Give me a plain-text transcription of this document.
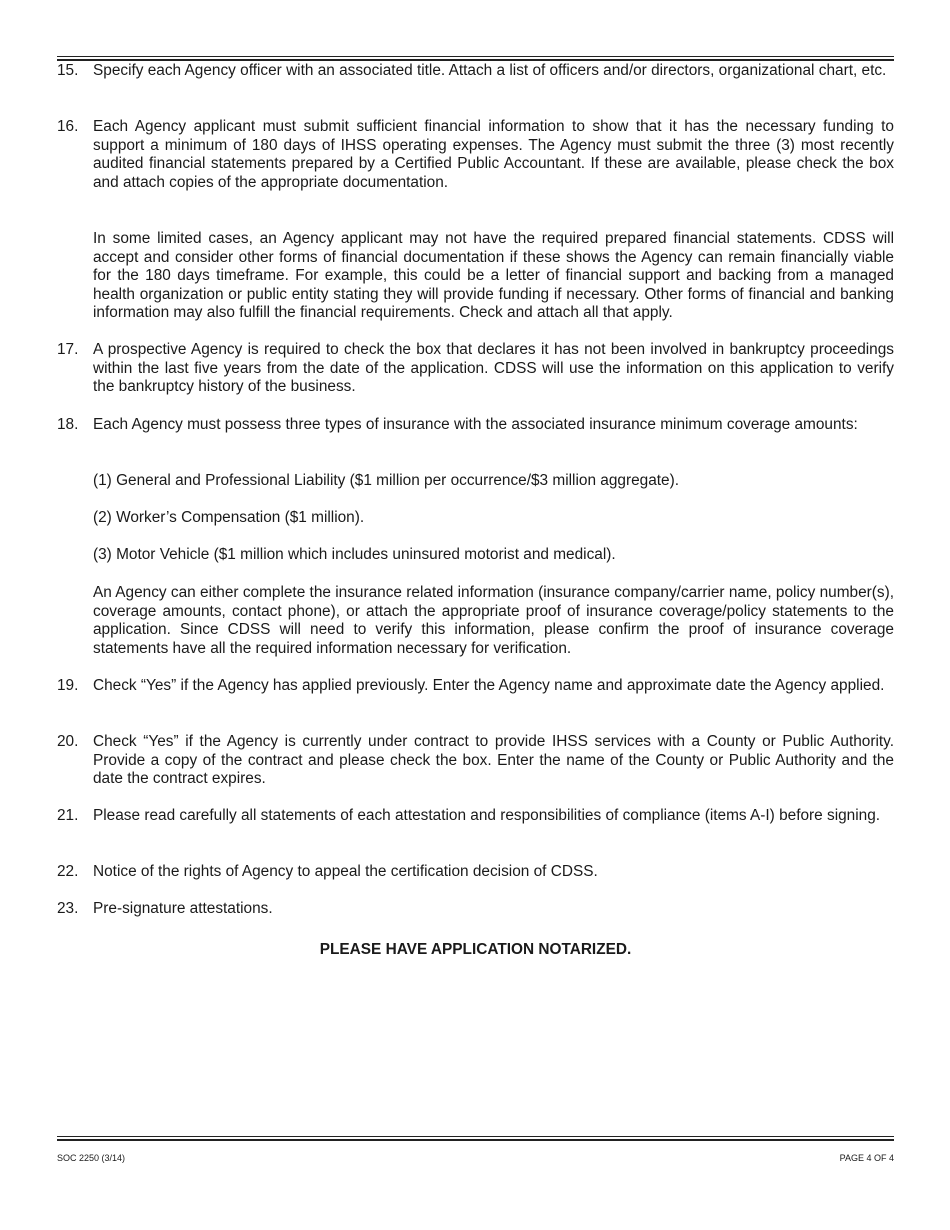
15. Specify each Agency officer with an associated title. Attach a list of officers and/or directors, organizational chart, etc.
16. Each Agency applicant must submit sufficient financial information to show that it has the necessary funding to support a minimum of 180 days of IHSS operating expenses. The Agency must submit the three (3) most recently audited financial statements prepared by a Certified Public Accountant. If these are available, please check the box and attach copies of the appropriate documentation.
In some limited cases, an Agency applicant may not have the required prepared financial statements. CDSS will accept and consider other forms of financial documentation if these shows the Agency can remain financially viable for the 180 days timeframe. For example, this could be a letter of financial support and backing from a managed health organization or public entity stating they will provide funding if necessary. Other forms of financial and banking information may also fulfill the financial requirements. Check and attach all that apply.
17. A prospective Agency is required to check the box that declares it has not been involved in bankruptcy proceedings within the last five years from the date of the application. CDSS will use the information on this application to verify the bankruptcy history of the business.
18. Each Agency must possess three types of insurance with the associated insurance minimum coverage amounts:
(1) General and Professional Liability ($1 million per occurrence/$3 million aggregate).
(2) Worker’s Compensation ($1 million).
(3) Motor Vehicle ($1 million which includes uninsured motorist and medical).
An Agency can either complete the insurance related information (insurance company/carrier name, policy number(s), coverage amounts, contact phone), or attach the appropriate proof of insurance coverage/policy statements to the application. Since CDSS will need to verify this information, please confirm the proof of insurance coverage statements have all the required information necessary for verification.
19. Check “Yes” if the Agency has applied previously. Enter the Agency name and approximate date the Agency applied.
20. Check “Yes” if the Agency is currently under contract to provide IHSS services with a County or Public Authority. Provide a copy of the contract and please check the box. Enter the name of the County or Public Authority and the date the contract expires.
21. Please read carefully all statements of each attestation and responsibilities of compliance (items A-I) before signing.
22. Notice of the rights of Agency to appeal the certification decision of CDSS.
23. Pre-signature attestations.
PLEASE HAVE APPLICATION NOTARIZED.
SOC 2250 (3/14)	PAGE 4 OF 4
